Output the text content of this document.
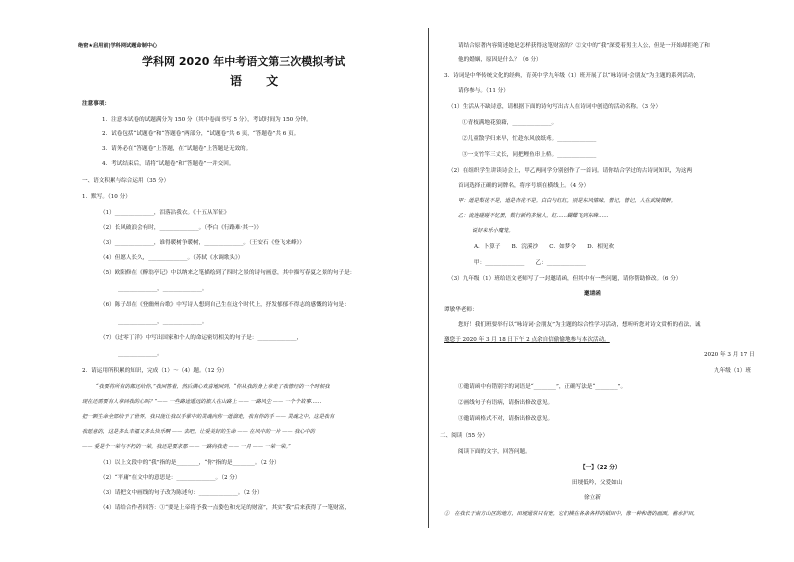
绝密★启用前|学科网试题命制中心
学科网 2020 年中考语文第三次模拟考试
语 文
注意事项：
1．注意本试卷的试题满分为 150 分（其中卷面书写 5 分），考试时间为 150 分钟。
2．试卷包括“试题卷”和“答题卷”两部分，“试题卷”共 6 页，“答题卷”共 6 页。
3．请务必在“答题卷”上答题，在“试题卷”上答题是无效的。
4．考试结束后，请将“试题卷”和“答题卷”一并交回。
一、语文积累与综合运用（35 分）
1．默写。（10 分）
（1）______________，泪落沾我衣。《十五从军征》
（2）长风破浪会有时，______________。（李白《行路难·其一》）
（3）______________，谁得暖树争暖树，______________。（王安石《登飞来峰》）
（4）但愿人长久，______________。（苏轼《水调歌头》）
（5）欧阳修在《醉翁亭记》中以纳来之笔描绘到了四时之景的诗句画意，其中描写春夏之景的句子是：
______________，______________。
（6）陈子昂在《登幽州台歌》中写诗人想到自己生在这个时代上，抒发郁郁不得志的感慨的诗句是：
______________，______________。
（7）《过零丁洋》中写出国家和个人的命运密切相关的句子是：______________，
______________。
2．请运用所积累的知识，完成（1）～（4）题。（12 分）
“我要将所有的都还给你，”我回答着，然后满心欢喜地回到，“你从我的身上拿走了我曾经的一个时候我
现在还需要有人拿回我的心吗？”—— 一些路途遥远的旅人在山路上 —— 一路风尘 —— 一个个故事……
把一颗生命全部给予了世界，我只能让我以手掌中的灵魂向你一道溜走，我有你的手 —— 灵魂之中，这是我有
我愿意的，这是多么幸福又多么快乐啊 —— 去吧，让爱美好的生命 —— 在风中的一片 —— 我心中的
—— 爱是个一荣与不朽的一荣，我还是要求那 —— 一路向我走 —— 一月 —— 一荣一荣。”
（1）以上文段中的“我”指的是________，“你”指的是________。（2 分）
（2）“平庸”在文中的意思是：______________。（2 分）
（3）请把文中画线的句子改为陈述句：______________。（2 分）
（4）请给合作者回答：①“要是上帝将予我一点姿色和充足的财富”，其实“我”后来获得了一笔财富，
请结合原著内容简述她是怎样获得这笔财富的？②文中的“我”深爱着男主人公，但是一开始却拒绝了和
他的婚姻，原因是什么？（6 分）
3．诗词是中华传统文化的经典，育英中学九年级（1）班开展了以“咏诗词·会朋友”为主题的系列活动，
请你参与。（11 分）
（1）生活从不缺诗意，请根据下面的诗句写出古人在诗词中创造的活动名称。（3 分）
①青枝满地花狼藉，______________。
②儿童散学归来早，忙趁东风放纸鸢。______________
③一支竹竿三丈长，同把鲤鱼串上桥。______________
（2）在组织学生讲读诗会上，甲乙两同学分别创作了一首词。请你结合学过的古诗词知识，为这两
首词选择正确的词牌名，将序号填在横线上。（4 分）
甲：道是梨花不是，道是杏花不是。白白与红红，别是东风情味。曾记，曾记，人在武陵微醉。
乙：流连碰碰不忆罢，数行新约多恼人。红……蝴蝶飞到东峰……
说好来乐小魔笼。
A．卜算子　　B．浣溪沙　　C．如梦令　　D．相见欢
甲：______________　　乙：______________
（3）九年级（1）班给语文老师写了一封邀请函，但其中有一些问题，请你帮助修改。（6 分）
邀请函
谭敏华老师：
您好！我们班要举行以“咏诗词·会朋友”为主题的综合性学习活动，想听听您对诗文赏析的看法，诚
邀您于 2020 年 3 月 18 日下午 2 点余自信偷偷地参与本次活动。
2020 年 3 月 17 日
九年级（1）班
①邀请函中有错别字的词语是“________”，正确写法是“________”。
②画线句子有语病，请指出修改意见。
③邀请函格式不对，请指出修改意见。
二、阅读（55 分）
阅读下面的文字，回答问题。
【一】（22 分）
田埂低吟，父爱如山
徐立新
①　在我长于南方山区的地方，田埂通常只有宽，它们横在各条各样的稻田中，像一种和谐的画面，蓄水护田，
